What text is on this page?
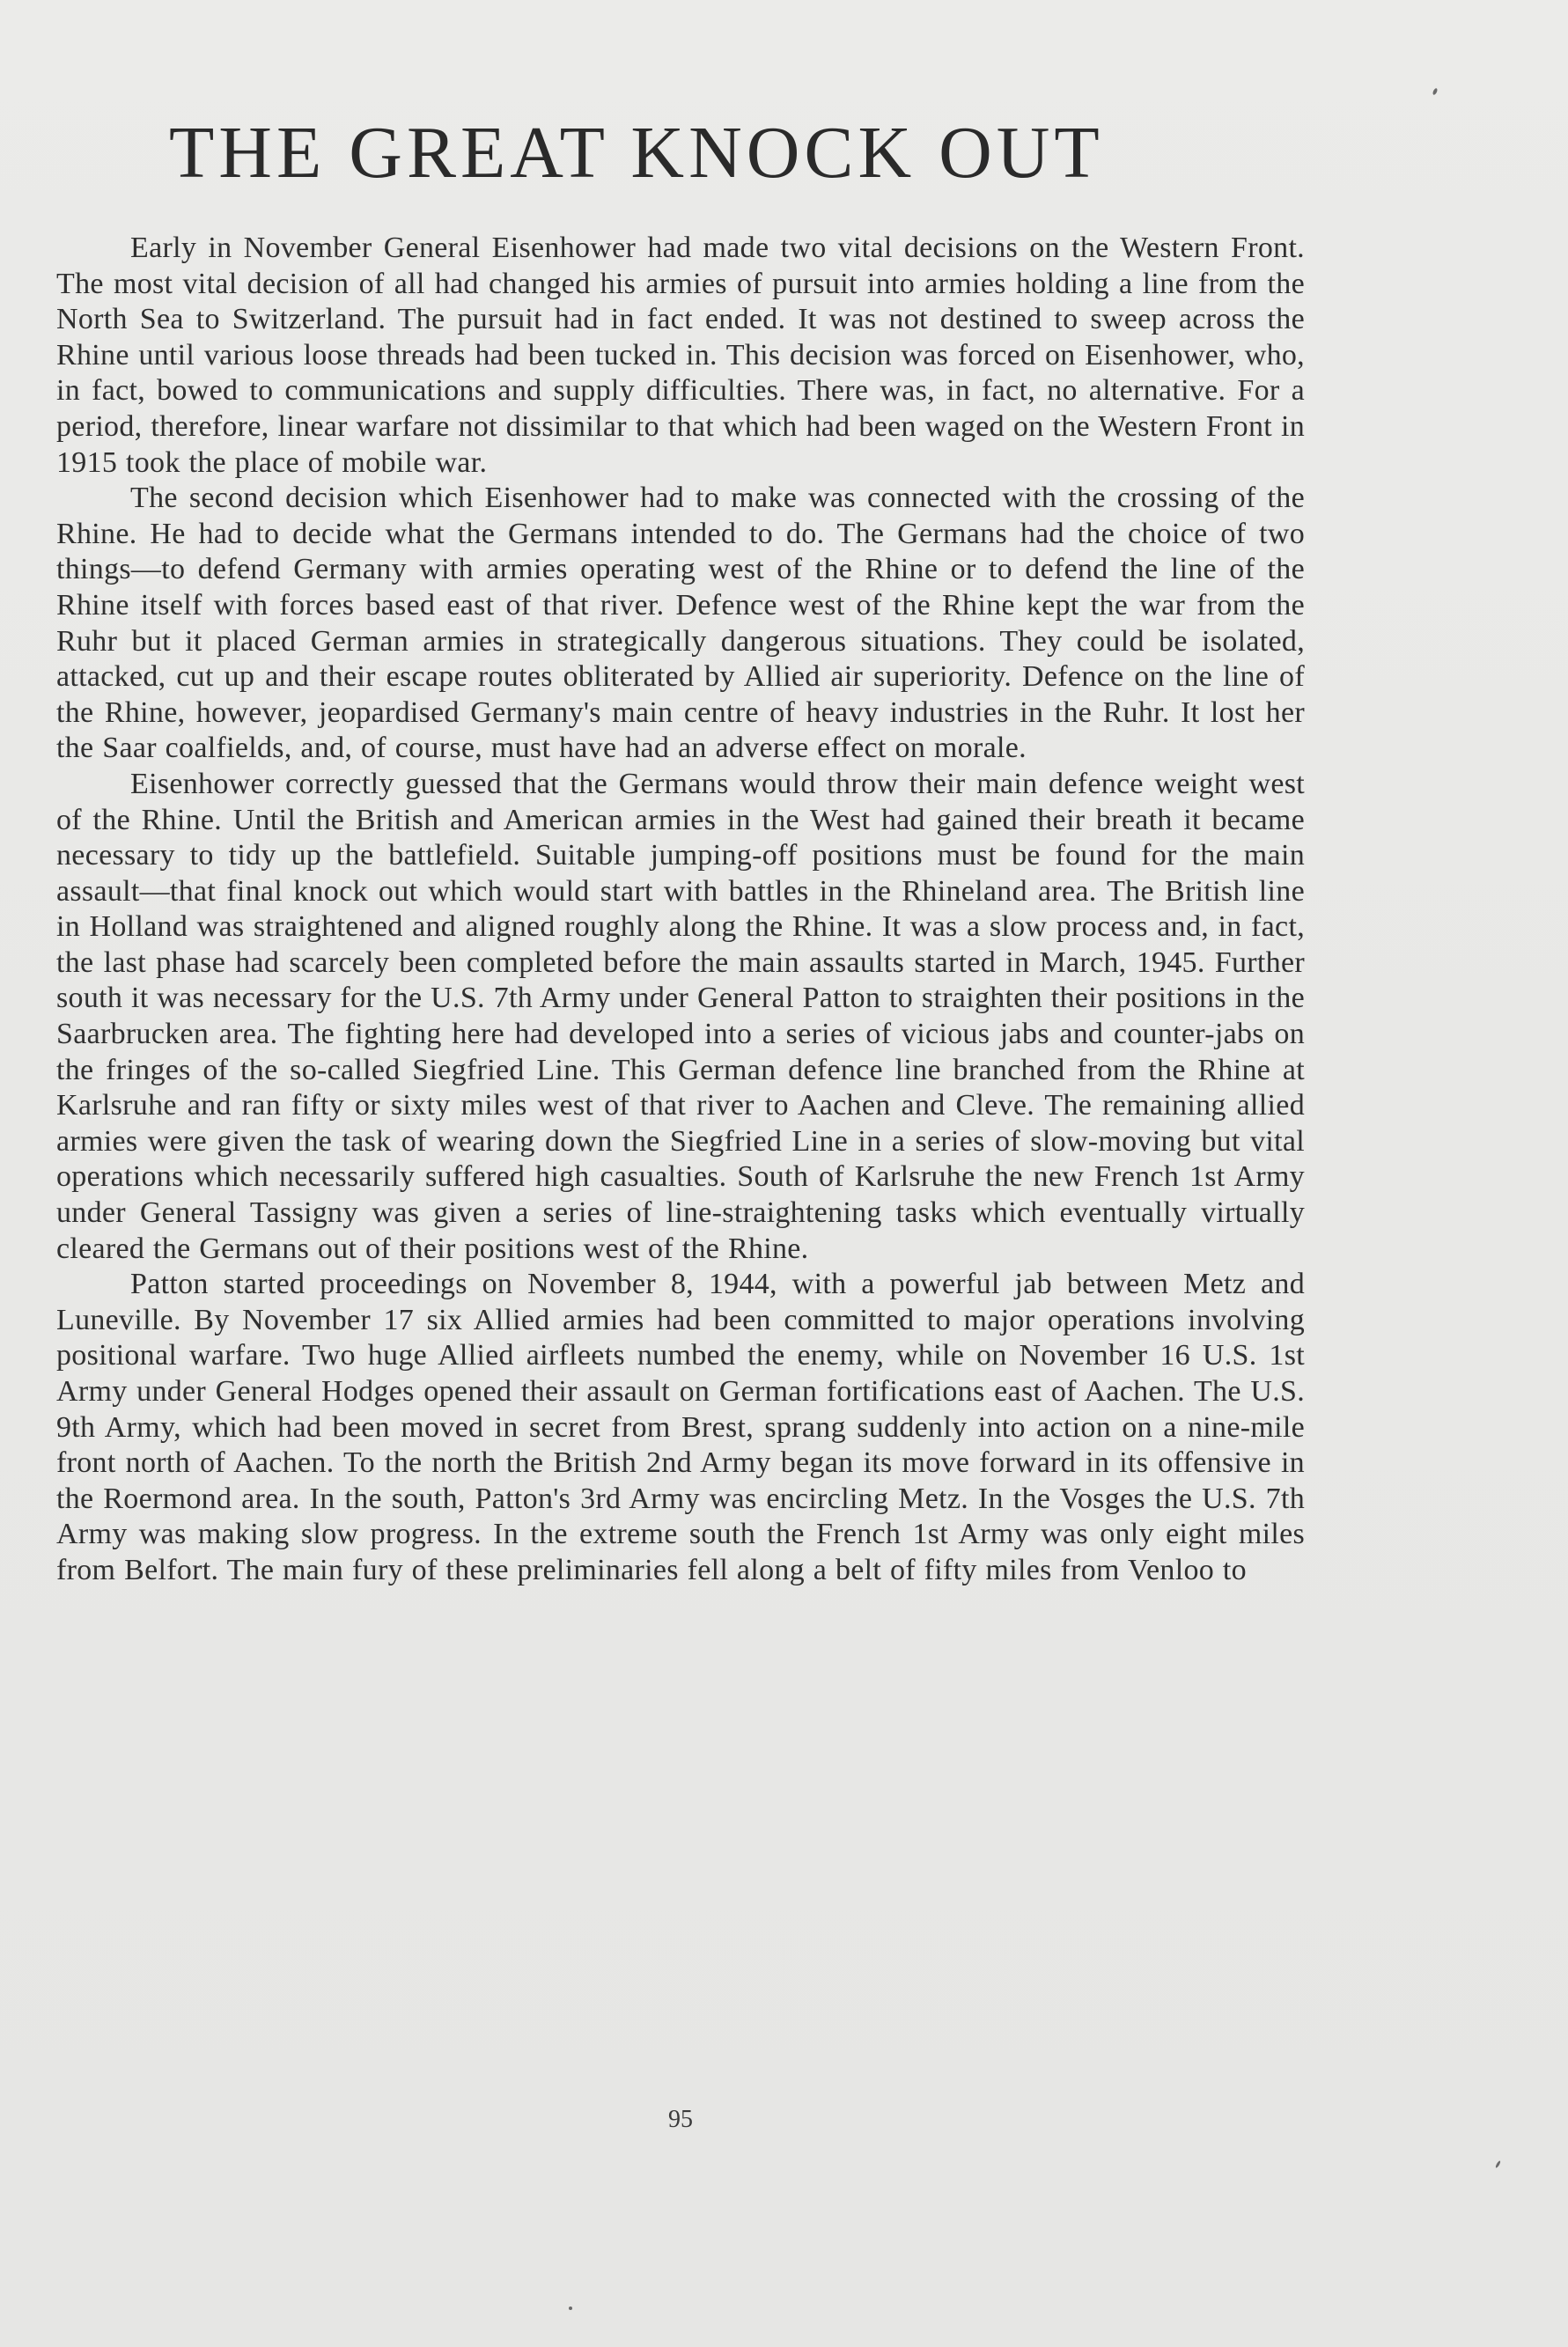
THE GREAT KNOCK OUT

Early in November General Eisenhower had made two vital decisions on the Western Front. The most vital decision of all had changed his armies of pursuit into armies holding a line from the North Sea to Switzerland. The pursuit had in fact ended. It was not destined to sweep across the Rhine until various loose threads had been tucked in. This decision was forced on Eisenhower, who, in fact, bowed to communications and supply difficulties. There was, in fact, no alternative. For a period, therefore, linear warfare not dissimilar to that which had been waged on the Western Front in 1915 took the place of mobile war.

The second decision which Eisenhower had to make was connected with the crossing of the Rhine. He had to decide what the Germans intended to do. The Germans had the choice of two things—to defend Germany with armies operating west of the Rhine or to defend the line of the Rhine itself with forces based east of that river. Defence west of the Rhine kept the war from the Ruhr but it placed German armies in strategically dangerous situations. They could be isolated, attacked, cut up and their escape routes obliterated by Allied air superiority. Defence on the line of the Rhine, however, jeopardised Germany's main centre of heavy industries in the Ruhr. It lost her the Saar coalfields, and, of course, must have had an adverse effect on morale.

Eisenhower correctly guessed that the Germans would throw their main defence weight west of the Rhine. Until the British and American armies in the West had gained their breath it became necessary to tidy up the battlefield. Suitable jumping-off positions must be found for the main assault—that final knock out which would start with battles in the Rhineland area. The British line in Holland was straightened and aligned roughly along the Rhine. It was a slow process and, in fact, the last phase had scarcely been completed before the main assaults started in March, 1945. Further south it was necessary for the U.S. 7th Army under General Patton to straighten their positions in the Saarbrucken area. The fighting here had developed into a series of vicious jabs and counter-jabs on the fringes of the so-called Siegfried Line. This German defence line branched from the Rhine at Karlsruhe and ran fifty or sixty miles west of that river to Aachen and Cleve. The remaining allied armies were given the task of wearing down the Siegfried Line in a series of slow-moving but vital operations which necessarily suffered high casualties. South of Karlsruhe the new French 1st Army under General Tassigny was given a series of line-straightening tasks which eventually virtually cleared the Germans out of their positions west of the Rhine.

Patton started proceedings on November 8, 1944, with a powerful jab between Metz and Luneville. By November 17 six Allied armies had been committed to major operations involving positional warfare. Two huge Allied airfleets numbed the enemy, while on November 16 U.S. 1st Army under General Hodges opened their assault on German fortifications east of Aachen. The U.S. 9th Army, which had been moved in secret from Brest, sprang suddenly into action on a nine-mile front north of Aachen. To the north the British 2nd Army began its move forward in its offensive in the Roermond area. In the south, Patton's 3rd Army was encircling Metz. In the Vosges the U.S. 7th Army was making slow progress. In the extreme south the French 1st Army was only eight miles from Belfort. The main fury of these preliminaries fell along a belt of fifty miles from Venloo to

95
